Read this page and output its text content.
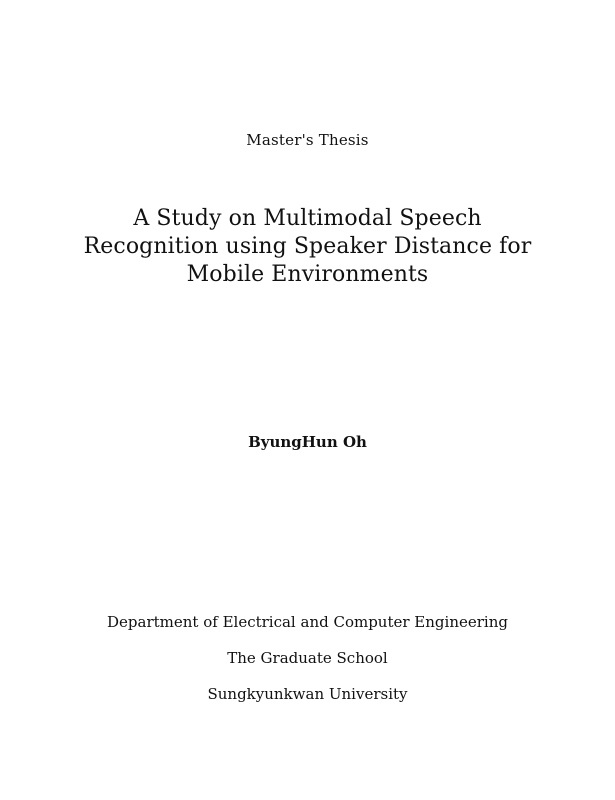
Master's Thesis
A Study on Multimodal Speech
Recognition using Speaker Distance for
Mobile Environments
ByungHun Oh
Department of Electrical and Computer Engineering
The Graduate School
Sungkyunkwan University
